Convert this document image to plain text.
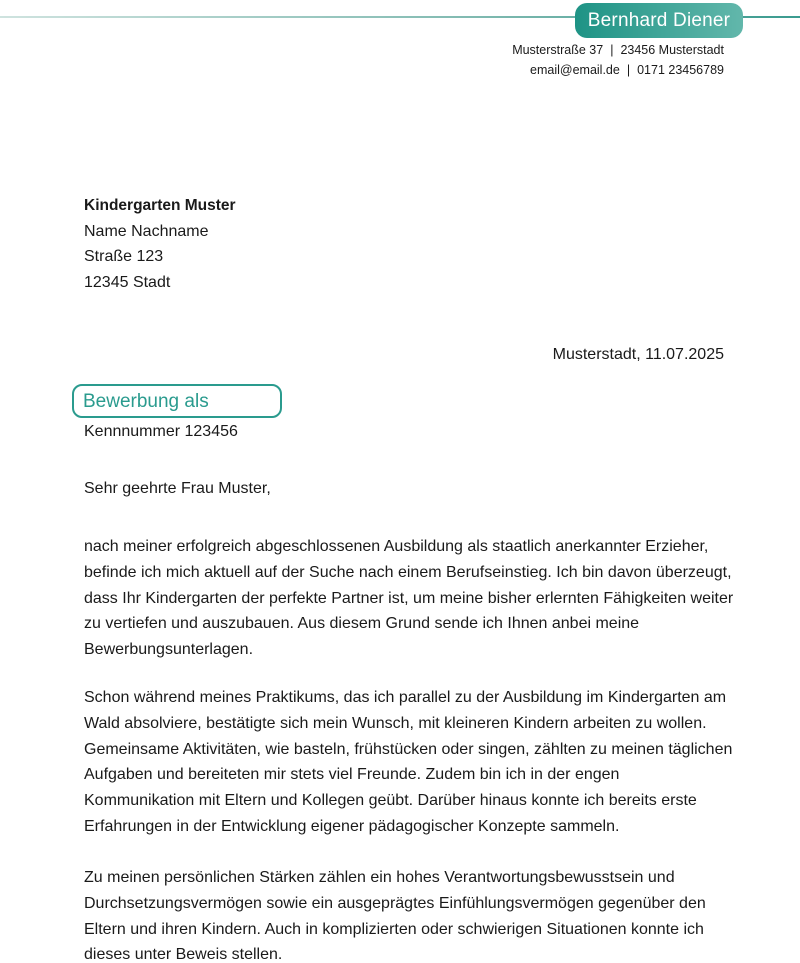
Bernhard Diener
Musterstraße 37 | 23456 Musterstadt
email@email.de | 0171 23456789
Kindergarten Muster
Name Nachname
Straße 123
12345 Stadt
Musterstadt, 11.07.2025
Bewerbung als
Kennnummer 123456
Sehr geehrte Frau Muster,

nach meiner erfolgreich abgeschlossenen Ausbildung als staatlich anerkannter Erzieher, befinde ich mich aktuell auf der Suche nach einem Berufseinstieg. Ich bin davon überzeugt, dass Ihr Kindergarten der perfekte Partner ist, um meine bisher erlernten Fähigkeiten weiter zu vertiefen und auszubauen. Aus diesem Grund sende ich Ihnen anbei meine Bewerbungsunterlagen.

Schon während meines Praktikums, das ich parallel zu der Ausbildung im Kindergarten am Wald absolviere, bestätigte sich mein Wunsch, mit kleineren Kindern arbeiten zu wollen. Gemeinsame Aktivitäten, wie basteln, frühstücken oder singen, zählten zu meinen täglichen Aufgaben und bereiteten mir stets viel Freunde. Zudem bin ich in der engen Kommunikation mit Eltern und Kollegen geübt. Darüber hinaus konnte ich bereits erste Erfahrungen in der Entwicklung eigener pädagogischer Konzepte sammeln.

Zu meinen persönlichen Stärken zählen ein hohes Verantwortungsbewusstsein und Durchsetzungsvermögen sowie ein ausgeprägtes Einfühlungsvermögen gegenüber den Eltern und ihren Kindern. Auch in komplizierten oder schwierigen Situationen konnte ich dieses unter Beweis stellen.
